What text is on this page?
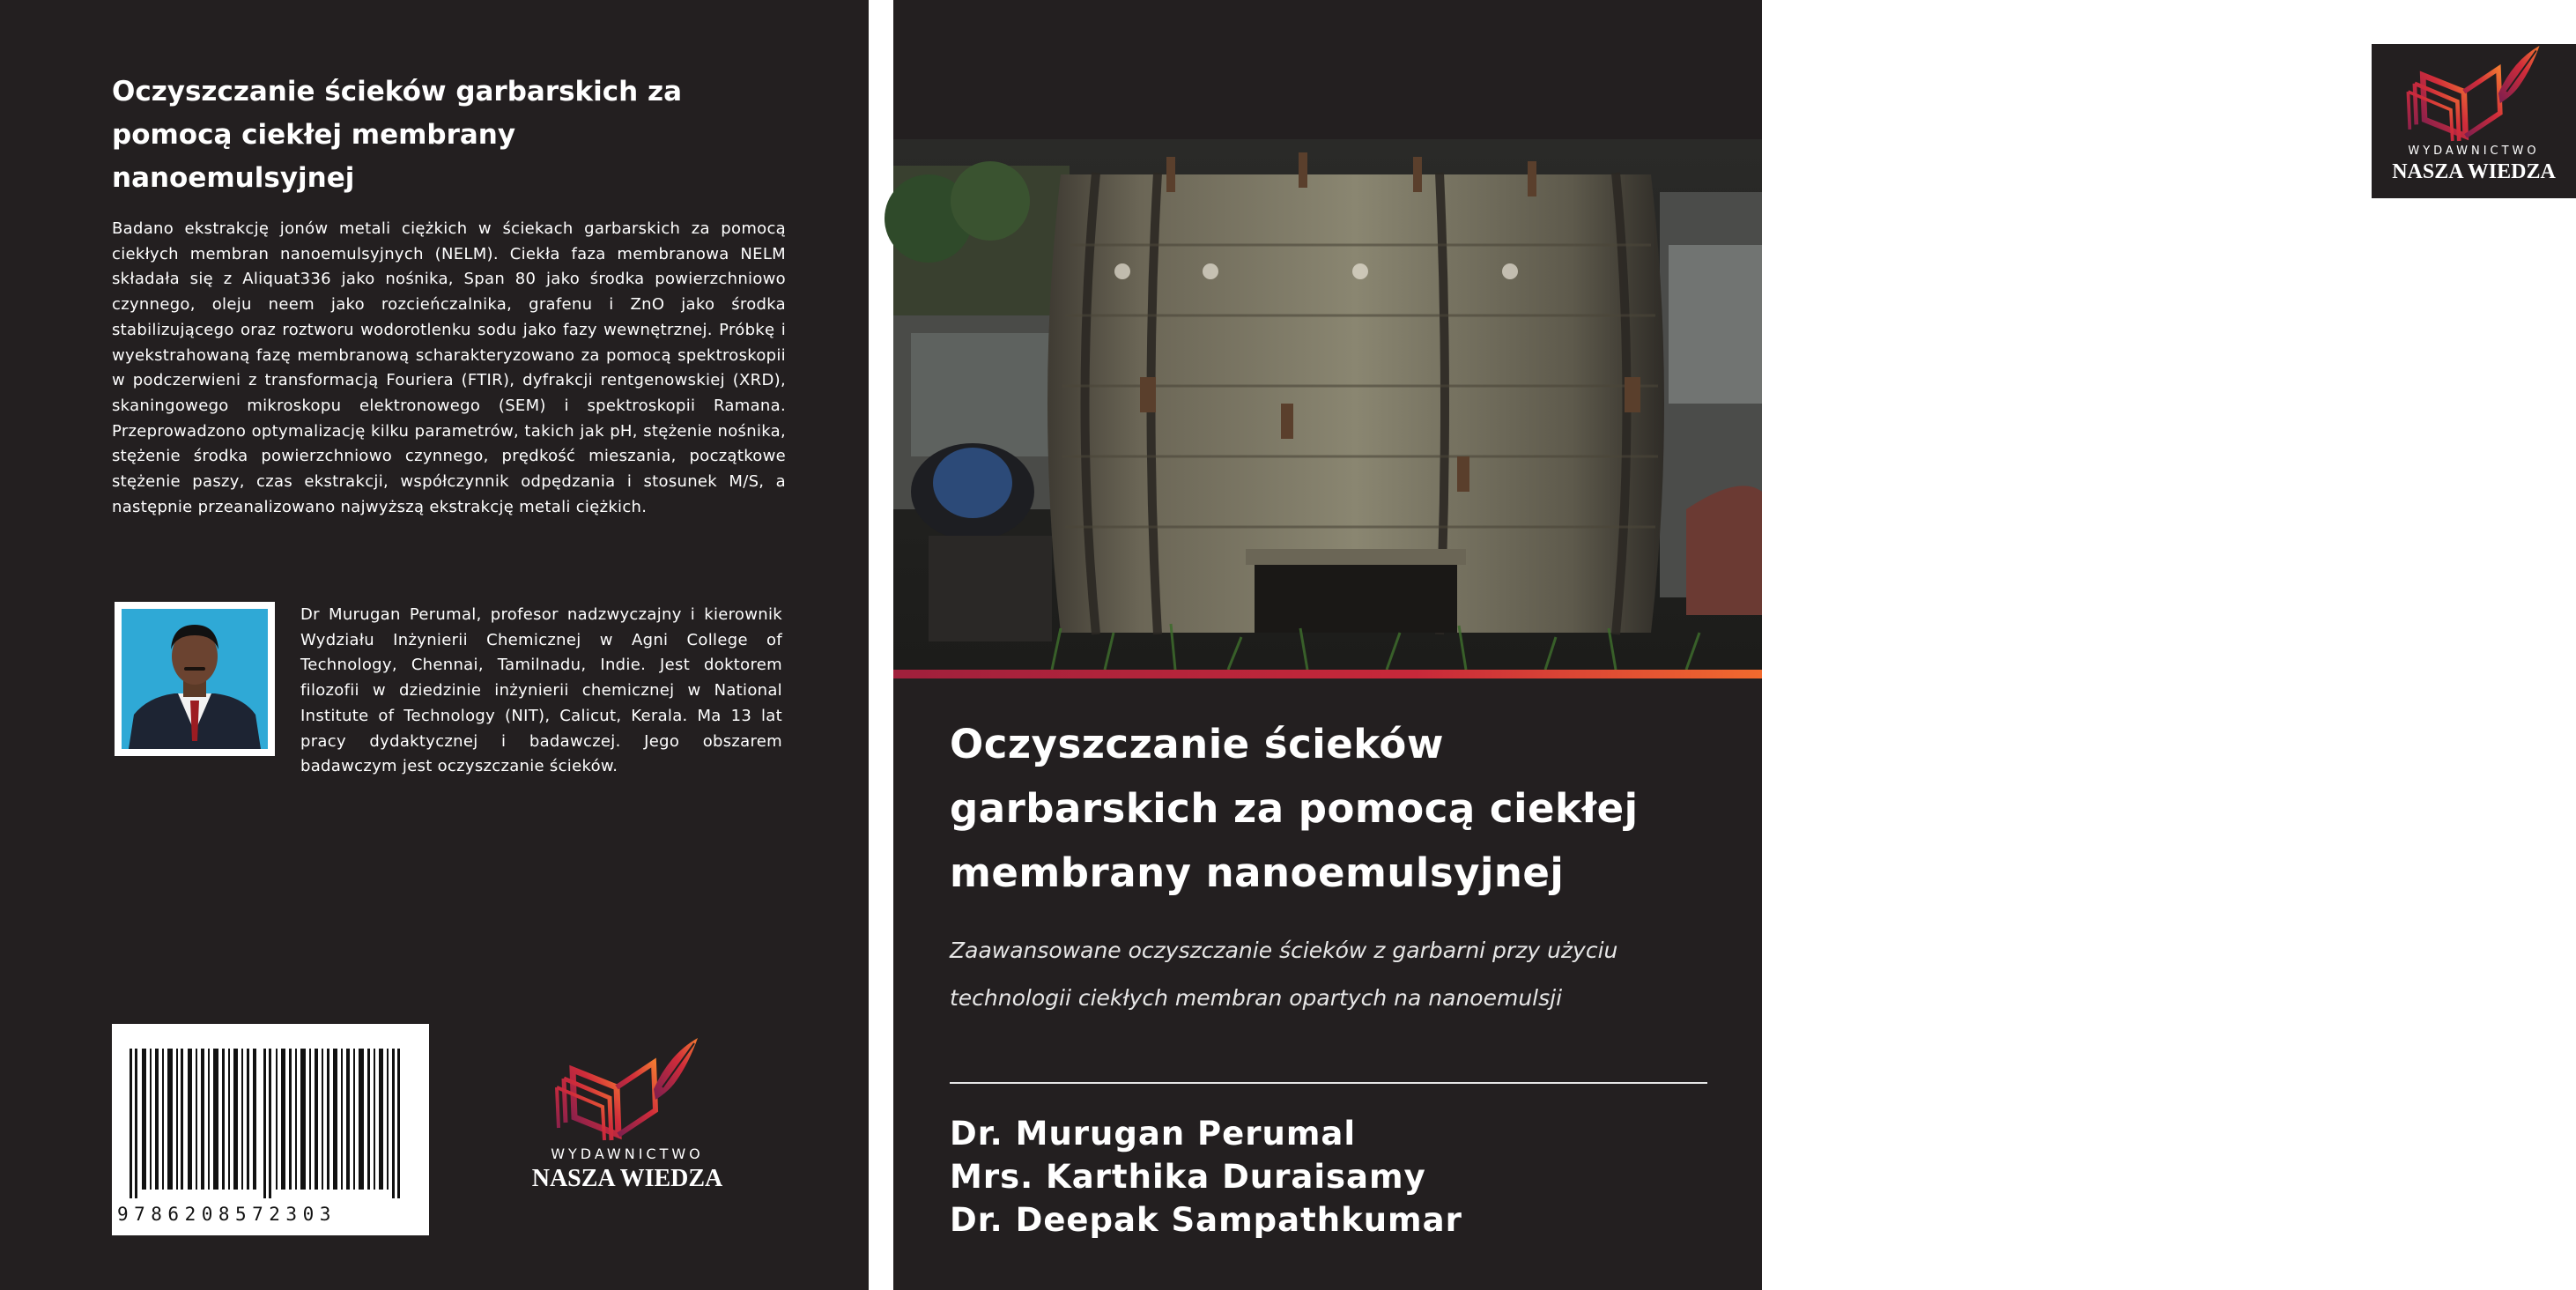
Oczyszczanie ścieków garbarskich za pomocą ciekłej membrany nanoemulsyjnej
Badano ekstrakcję jonów metali ciężkich w ściekach garbarskich za pomocą ciekłych membran nanoemulsyjnych (NELM). Ciekła faza membranowa NELM składała się z Aliquat336 jako nośnika, Span 80 jako środka powierzchniowo czynnego, oleju neem jako rozcieńczalnika, grafenu i ZnO jako środka stabilizującego oraz roztworu wodorotlenku sodu jako fazy wewnętrznej. Próbkę i wyekstrahowaną fazę membranową scharakteryzowano za pomocą spektroskopii w podczerwieni z transformacją Fouriera (FTIR), dyfrakcji rentgenowskiej (XRD), skaningowego mikroskopu elektronowego (SEM) i spektroskopii Ramana. Przeprowadzono optymalizację kilku parametrów, takich jak pH, stężenie nośnika, stężenie środka powierzchniowo czynnego, prędkość mieszania, początkowe stężenie paszy, czas ekstrakcji, współczynnik odpędzania i stosunek M/S, a następnie przeanalizowano najwyższą ekstrakcję metali ciężkich.
Dr Murugan Perumal, profesor nadzwyczajny i kierownik Wydziału Inżynierii Chemicznej w Agni College of Technology, Chennai, Tamilnadu, Indie. Jest doktorem filozofii w dziedzinie inżynierii chemicznej w National Institute of Technology (NIT), Calicut, Kerala. Ma 13 lat pracy dydaktycznej i badawczej. Jego obszarem badawczym jest oczyszczanie ścieków.
9786208572303
WYDAWNICTWO
NASZA WIEDZA
WYDAWNICTWO
NASZA WIEDZA
Oczyszczanie ścieków garbarskich za pomocą ciekłej membrany nanoemulsyjnej
Zaawansowane oczyszczanie ścieków z garbarni przy użyciu technologii ciekłych membran opartych na nanoemulsji
Dr. Murugan Perumal
Mrs. Karthika Duraisamy
Dr. Deepak Sampathkumar
